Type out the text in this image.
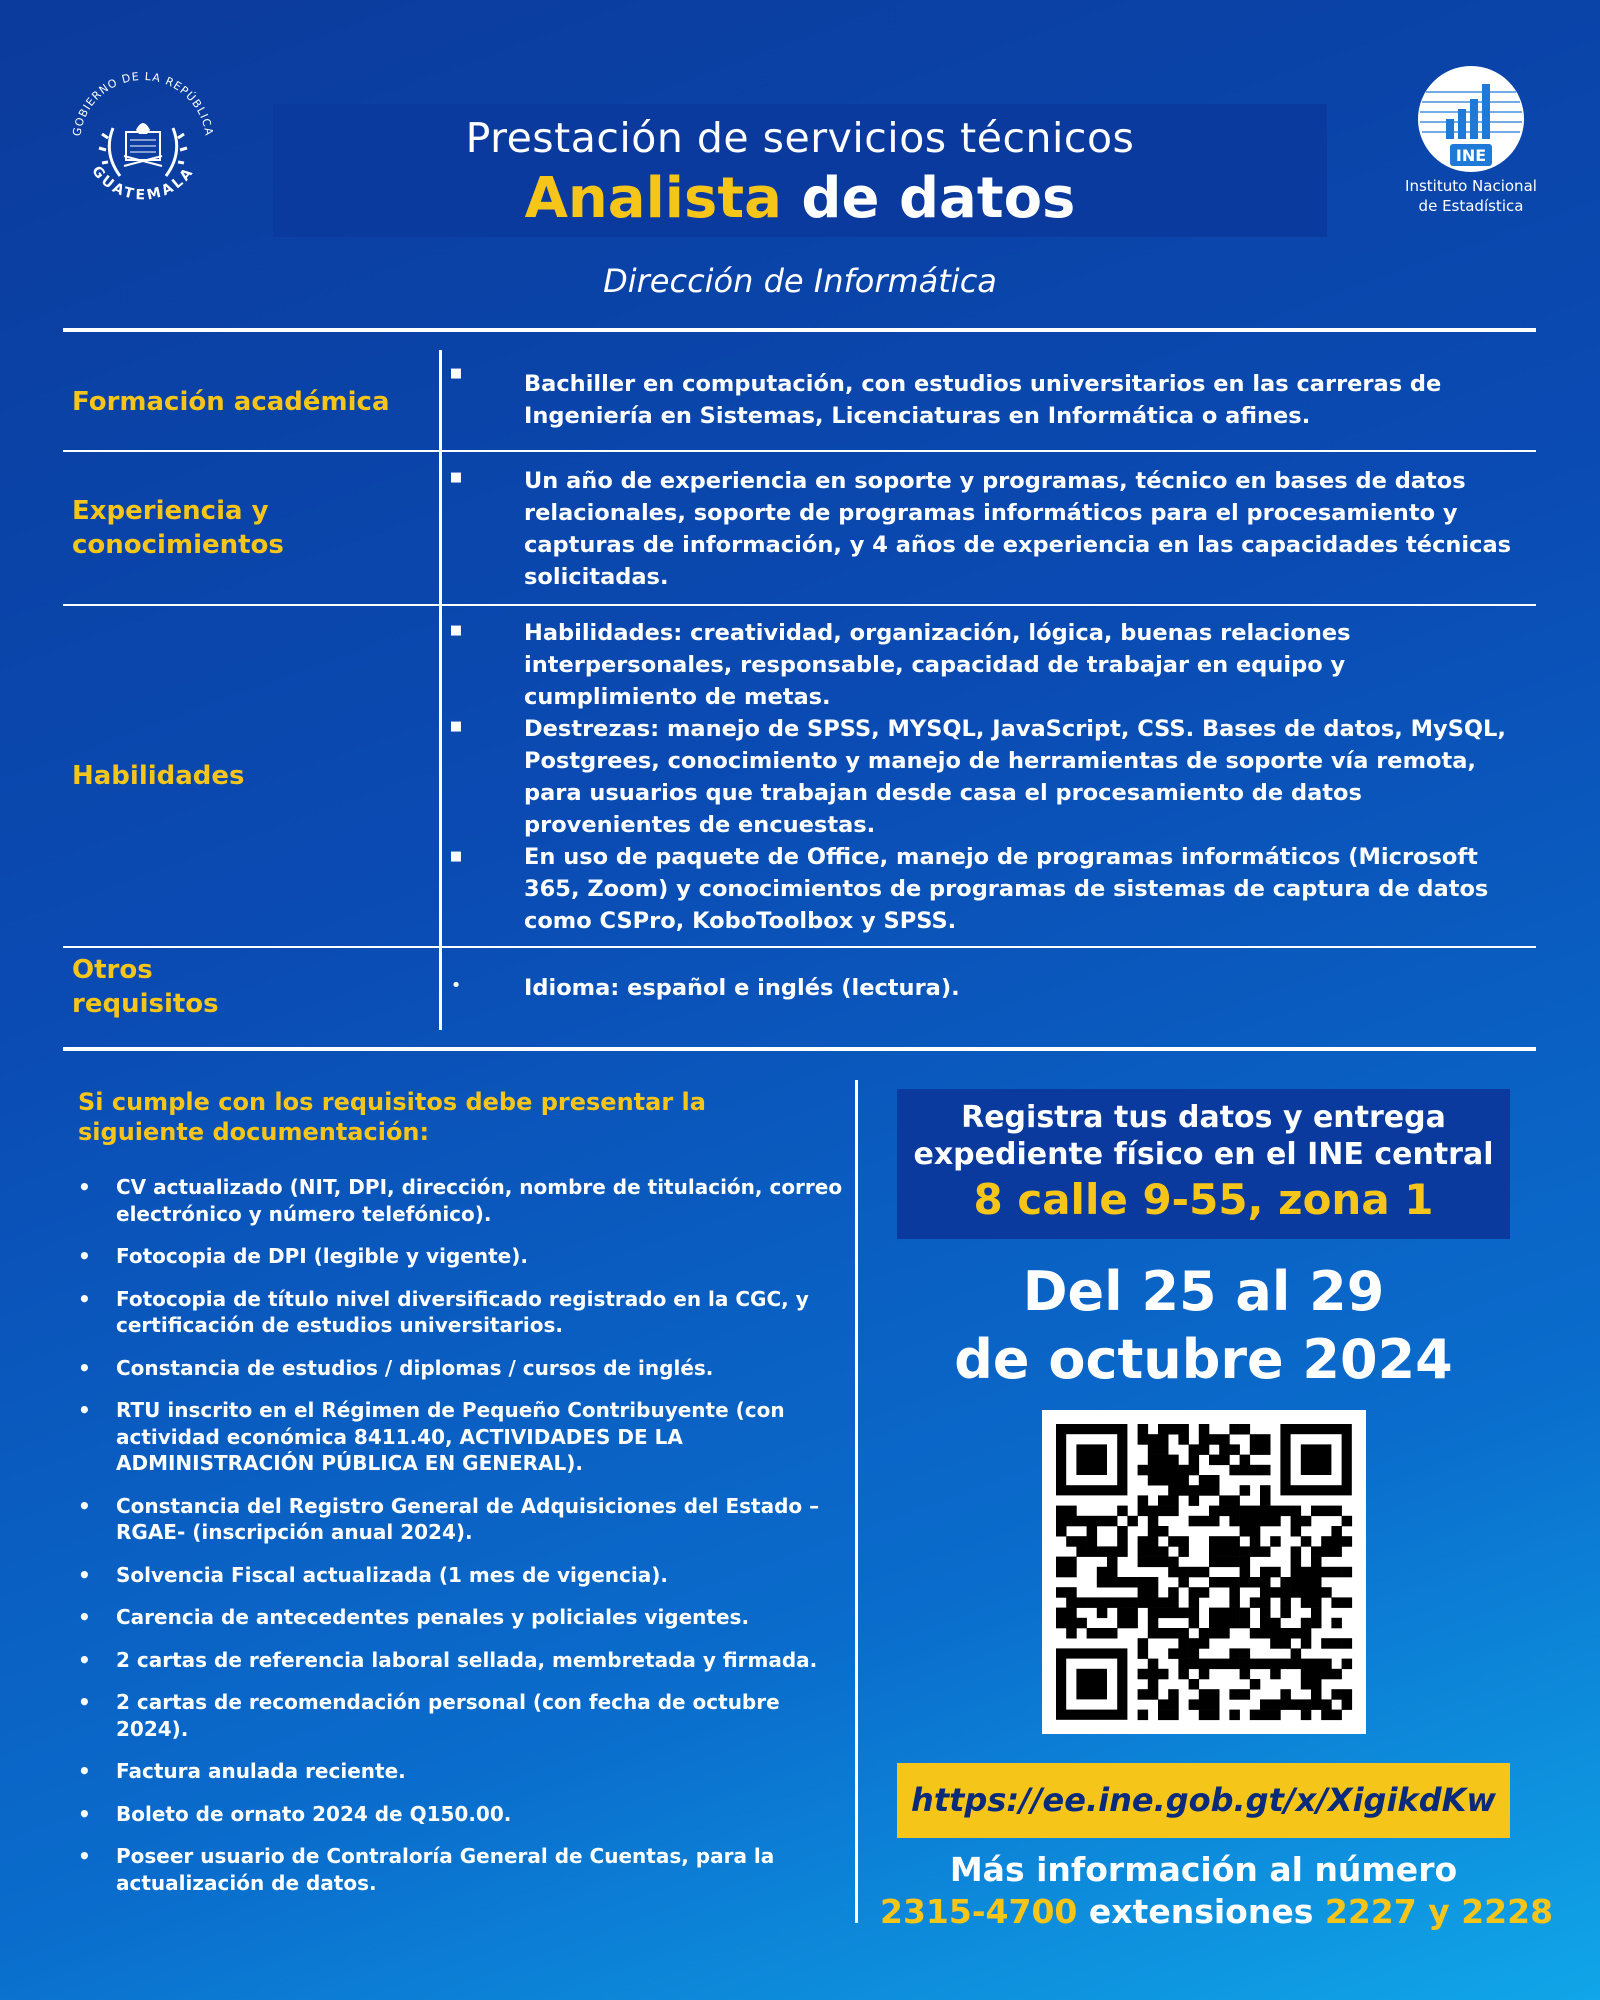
GOBIERNO DE LA REPÚBLICA
GUATEMALA
Prestación de servicios técnicos
Analista de datos
INE
Instituto Nacional
de Estadística
Dirección de Informática
Formación académica
■	Bachiller en computación, con estudios universitarios en las carreras de Ingeniería en Sistemas, Licenciaturas en Informática o afines.
Experiencia y conocimientos
■	Un año de experiencia en soporte y programas, técnico en bases de datos relacionales, soporte de programas informáticos para el procesamiento y capturas de información, y 4 años de experiencia en las capacidades técnicas solicitadas.
Habilidades
■	Habilidades: creatividad, organización, lógica, buenas relaciones interpersonales, responsable, capacidad de trabajar en equipo y cumplimiento de metas.
■	Destrezas: manejo de SPSS, MYSQL, JavaScript, CSS. Bases de datos, MySQL, Postgrees, conocimiento y manejo de herramientas de soporte vía remota, para usuarios que trabajan desde casa el procesamiento de datos provenientes de encuestas.
■	En uso de paquete de Office, manejo de programas informáticos (Microsoft 365, Zoom) y conocimientos de programas de sistemas de captura de datos como CSPro, KoboToolbox y SPSS.
Otros requisitos
•	Idioma: español e inglés (lectura).
Si cumple con los requisitos debe presentar la siguiente documentación:
• CV actualizado (NIT, DPI, dirección, nombre de titulación, correo electrónico y número telefónico).
• Fotocopia de DPI (legible y vigente).
• Fotocopia de título nivel diversificado registrado en la CGC, y certificación de estudios universitarios.
• Constancia de estudios / diplomas / cursos de inglés.
• RTU inscrito en el Régimen de Pequeño Contribuyente (con actividad económica 8411.40, ACTIVIDADES DE LA ADMINISTRACIÓN PÚBLICA EN GENERAL).
• Constancia del Registro General de Adquisiciones del Estado –RGAE- (inscripción anual 2024).
• Solvencia Fiscal actualizada (1 mes de vigencia).
• Carencia de antecedentes penales y policiales vigentes.
• 2 cartas de referencia laboral sellada, membretada y firmada.
• 2 cartas de recomendación personal (con fecha de octubre 2024).
• Factura anulada reciente.
• Boleto de ornato 2024 de Q150.00.
• Poseer usuario de Contraloría General de Cuentas, para la actualización de datos.
Registra tus datos y entrega
expediente físico en el INE central
8 calle 9-55, zona 1
Del 25 al 29
de octubre 2024
https://ee.ine.gob.gt/x/XigikdKw
Más información al número
2315-4700 extensiones 2227 y 2228
